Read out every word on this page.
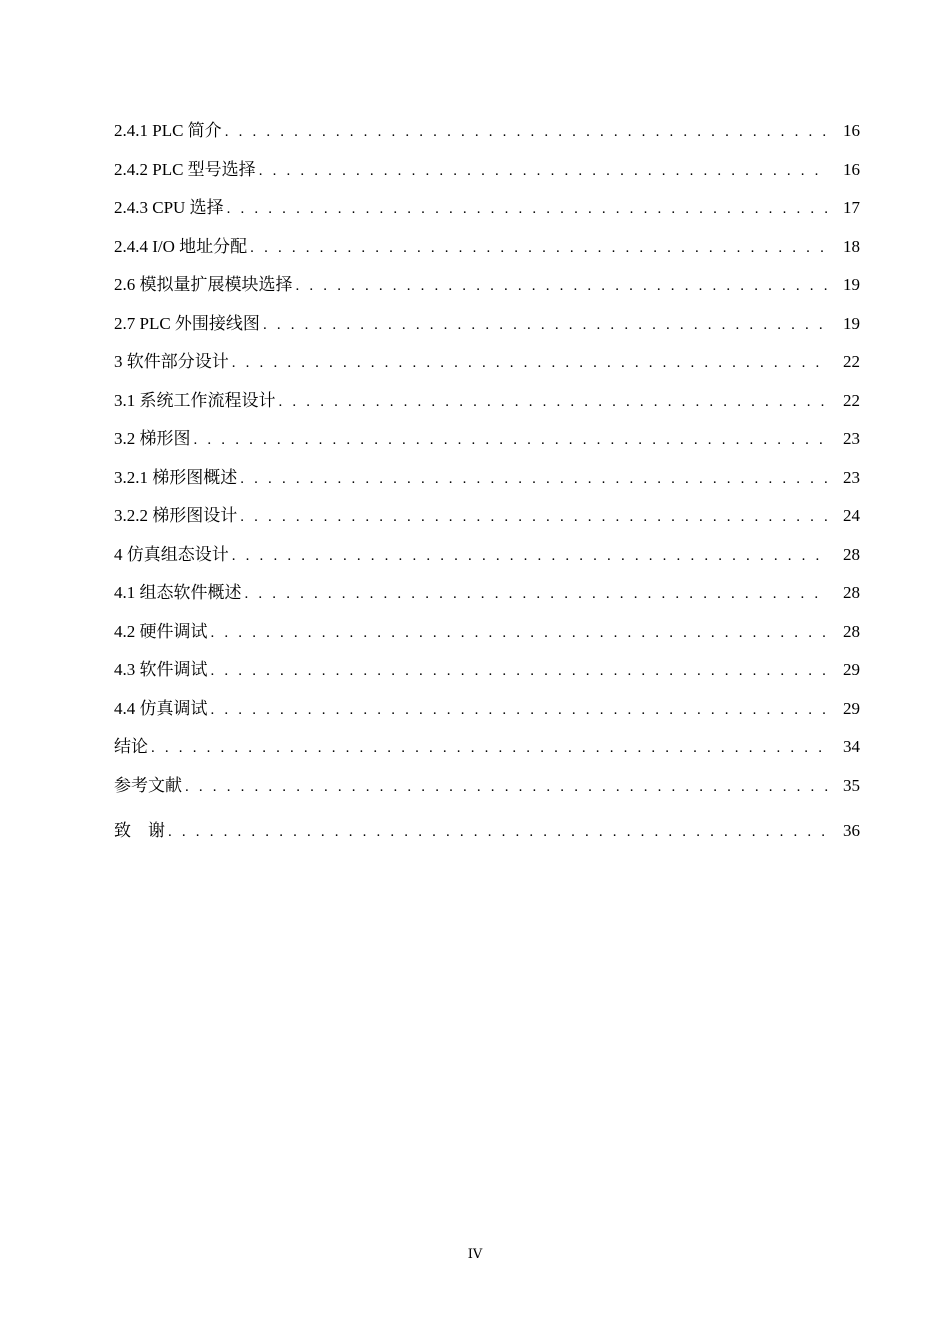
2.4.1 PLC 简介 . . .	16
2.4.2 PLC 型号选择 . . .	16
2.4.3 CPU 选择 . . .	17
2.4.4 I/O 地址分配 . . .	18
2.6 模拟量扩展模块选择 . . .	19
2.7 PLC 外围接线图 . . .	19
3 软件部分设计 . . .	22
3.1 系统工作流程设计 . . .	22
3.2 梯形图 . . .	23
3.2.1 梯形图概述 . . .	23
3.2.2 梯形图设计 . . .	24
4 仿真组态设计 . . .	28
4.1 组态软件概述 . . .	28
4.2 硬件调试 . . .	28
4.3 软件调试 . . .	29
4.4 仿真调试 . . .	29
结论 . . .	34
参考文献 . . .	35
致　谢 . . .	36
IV
